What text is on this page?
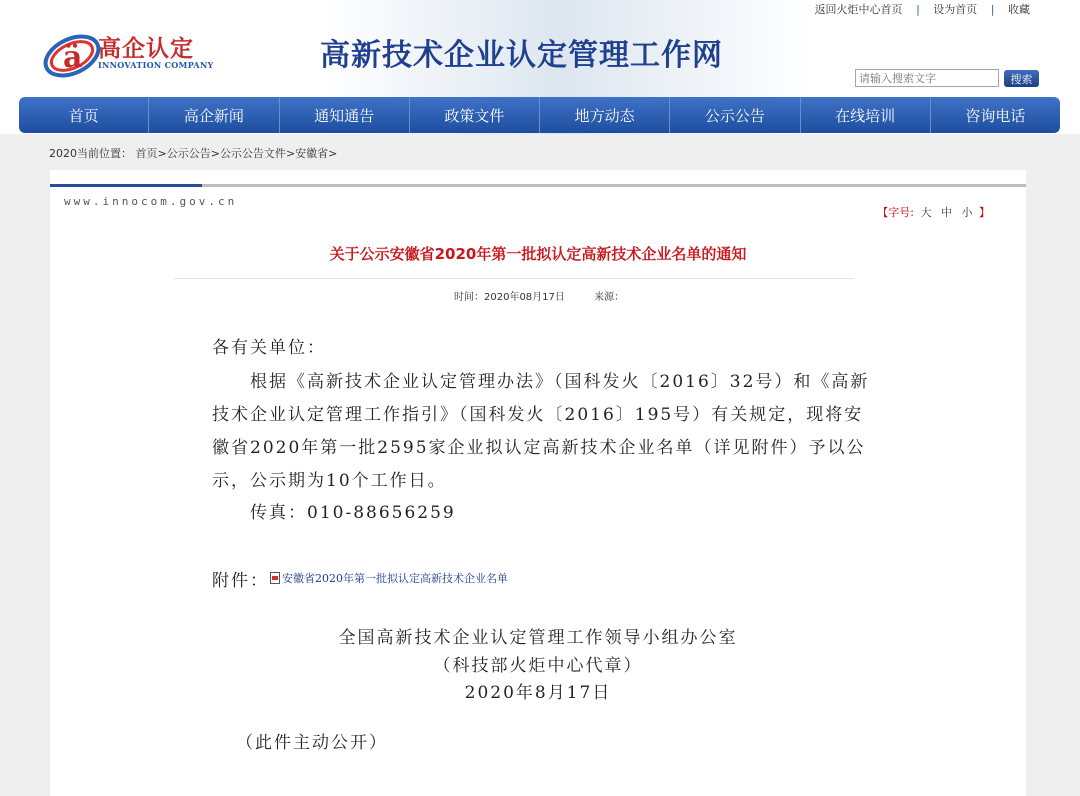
返回火炬中心首页 | 设为首页 | 收藏
ä 高企认定
INNOVATION COMPANY	高新技术企业认定管理工作网
请输入搜索文字
搜索
首页	高企新闻	通知通告	政策文件	地方动态	公示公告	在线培训	咨询电话
2020当前位置： 首页>公示公告>公示公告文件>安徽省>
www.innocom.gov.cn
【字号: 大 中 小 】
关于公示安徽省2020年第一批拟认定高新技术企业名单的通知
时间：2020年08月17日	来源：
各有关单位：
根据《高新技术企业认定管理办法》（国科发火〔2016〕32号）和《高新技术企业认定管理工作指引》（国科发火〔2016〕195号）有关规定，现将安徽省2020年第一批2595家企业拟认定高新技术企业名单（详见附件）予以公示，公示期为10个工作日。
传真：010-88656259
附件：	安徽省2020年第一批拟认定高新技术企业名单
全国高新技术企业认定管理工作领导小组办公室
（科技部火炬中心代章）
2020年8月17日
（此件主动公开）
